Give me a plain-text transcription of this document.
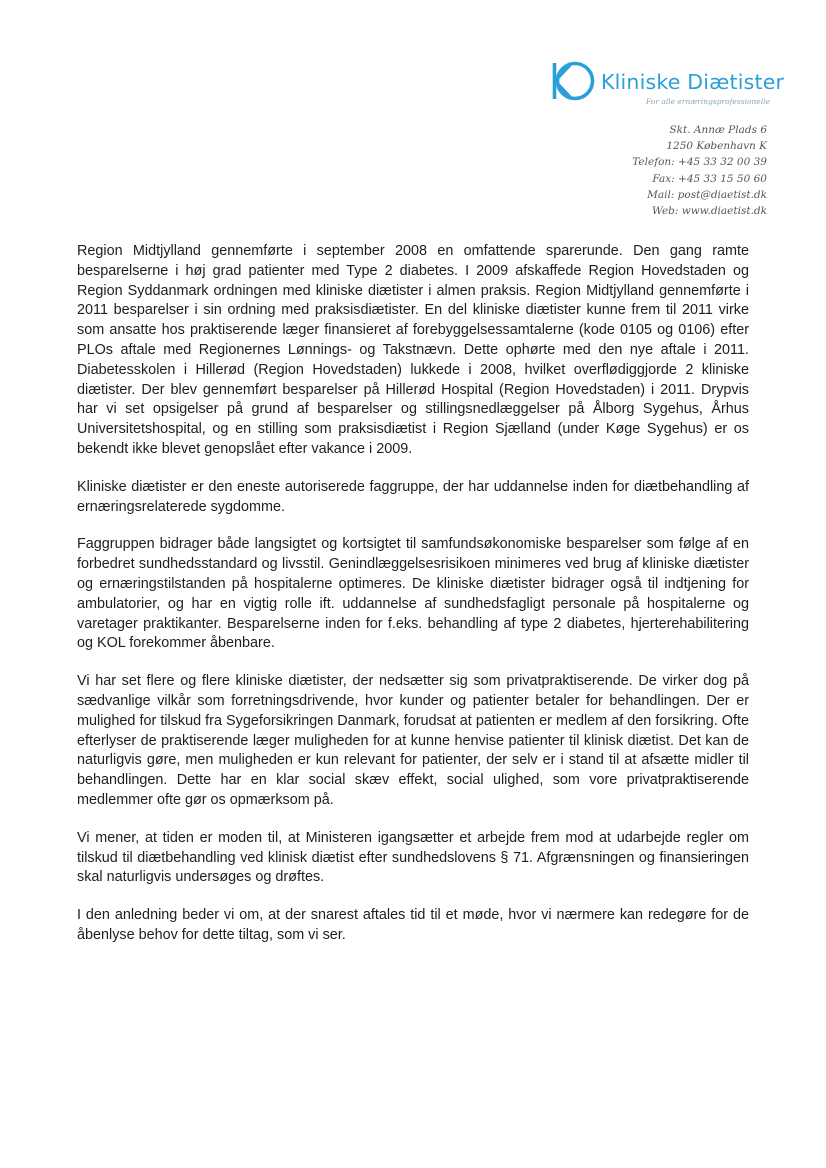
Kliniske Diætister
For alle ernæringsprofessionelle
Skt. Annæ Plads 6
1250 København K
Telefon: +45 33 32 00 39
Fax: +45 33 15 50 60
Mail: post@diaetist.dk
Web: www.diaetist.dk

Region Midtjylland gennemførte i september 2008 en omfattende sparerunde. Den gang ramte besparelserne i høj grad patienter med Type 2 diabetes. I 2009 afskaffede Region Hovedstaden og Region Syddanmark ordningen med kliniske diætister i almen praksis. Region Midtjylland gennemførte i 2011 besparelser i sin ordning med praksisdiætister. En del kliniske diætister kunne frem til 2011 virke som ansatte hos praktiserende læger finansieret af forebyggelsessamtalerne (kode 0105 og 0106) efter PLOs aftale med Regionernes Lønnings- og Takstnævn. Dette ophørte med den nye aftale i 2011. Diabetesskolen i Hillerød (Region Hovedstaden) lukkede i 2008, hvilket overflødiggjorde 2 kliniske diætister. Der blev gennemført besparelser på Hillerød Hospital (Region Hovedstaden) i 2011. Drypvis har vi set opsigelser på grund af besparelser og stillingsnedlæggelser på Ålborg Sygehus, Århus Universitetshospital, og en stilling som praksisdiætist i Region Sjælland (under Køge Sygehus) er os bekendt ikke blevet genopslået efter vakance i 2009.

Kliniske diætister er den eneste autoriserede faggruppe, der har uddannelse inden for diætbehandling af ernæringsrelaterede sygdomme.

Faggruppen bidrager både langsigtet og kortsigtet til samfundsøkonomiske besparelser som følge af en forbedret sundhedsstandard og livsstil. Genindlæggelsesrisikoen minimeres ved brug af kliniske diætister og ernæringstilstanden på hospitalerne optimeres. De kliniske diætister bidrager også til indtjening for ambulatorier, og har en vigtig rolle ift. uddannelse af sundhedsfagligt personale på hospitalerne og varetager praktikanter. Besparelserne inden for f.eks. behandling af type 2 diabetes, hjerterehabilitering og KOL forekommer åbenbare.

Vi har set flere og flere kliniske diætister, der nedsætter sig som privatpraktiserende. De virker dog på sædvanlige vilkår som forretningsdrivende, hvor kunder og patienter betaler for behandlingen. Der er mulighed for tilskud fra Sygeforsikringen Danmark, forudsat at patienten er medlem af den forsikring. Ofte efterlyser de praktiserende læger muligheden for at kunne henvise patienter til klinisk diætist. Det kan de naturligvis gøre, men muligheden er kun relevant for patienter, der selv er i stand til at afsætte midler til behandlingen. Dette har en klar social skæv effekt, social ulighed, som vore privatpraktiserende medlemmer ofte gør os opmærksom på.

Vi mener, at tiden er moden til, at Ministeren igangsætter et arbejde frem mod at udarbejde regler om tilskud til diætbehandling ved klinisk diætist efter sundhedslovens § 71. Afgrænsningen og finansieringen skal naturligvis undersøges og drøftes.

I den anledning beder vi om, at der snarest aftales tid til et møde, hvor vi nærmere kan redegøre for de åbenlyse behov for dette tiltag, som vi ser.
